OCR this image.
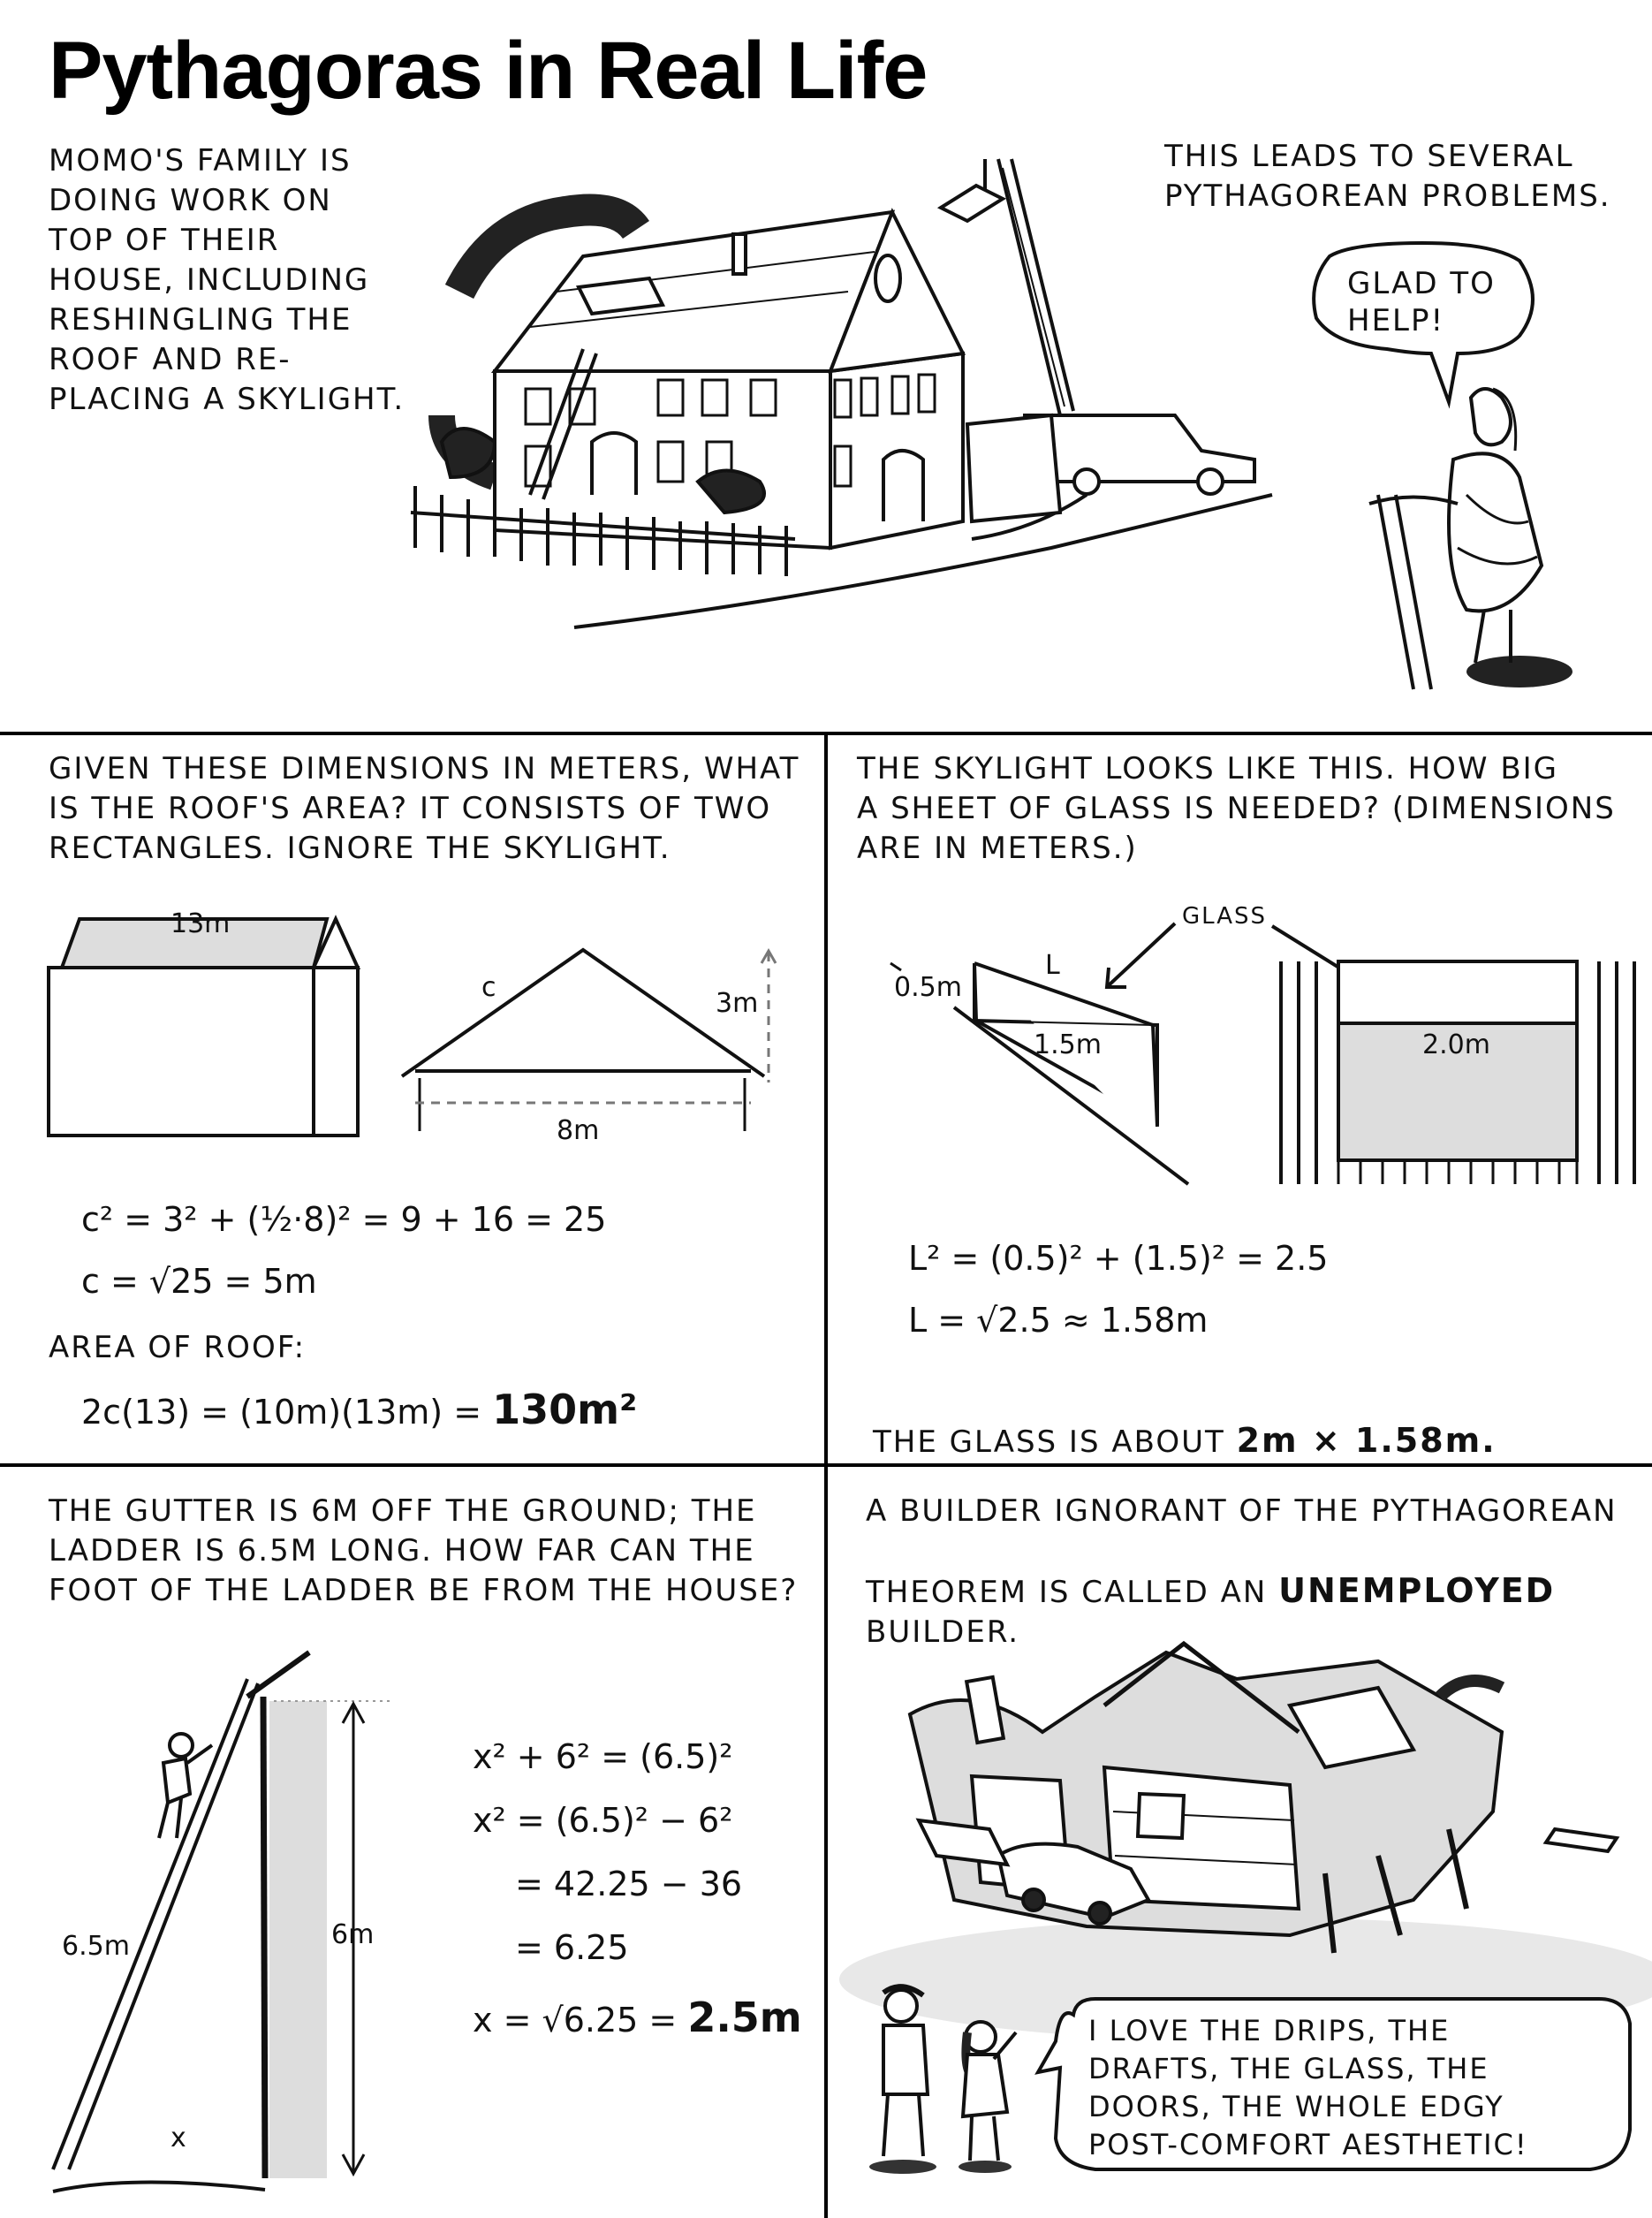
Pythagoras in Real Life
MOMO'S FAMILY IS
DOING WORK ON
TOP OF THEIR
HOUSE, INCLUDING
RESHINGLING THE
ROOF AND RE-
PLACING A SKYLIGHT.
THIS LEADS TO SEVERAL
PYTHAGOREAN PROBLEMS.
GLAD TO
HELP!
GIVEN THESE DIMENSIONS IN METERS, WHAT
IS THE ROOF'S AREA? IT CONSISTS OF TWO
RECTANGLES. IGNORE THE SKYLIGHT.
13m
c
3m
8m
c² = 3² + (½·8)² = 9 + 16 = 25
c = √25 = 5m
AREA OF ROOF:
2c(13) = (10m)(13m) = 130m²
THE SKYLIGHT LOOKS LIKE THIS. HOW BIG
A SHEET OF GLASS IS NEEDED? (DIMENSIONS
ARE IN METERS.)
GLASS
L
0.5m
1.5m	2.0m
L² = (0.5)² + (1.5)² = 2.5
L = √2.5 ≈ 1.58m

THE GLASS IS ABOUT 2m × 1.58m.

THE GUTTER IS 6M OFF THE GROUND; THE
LADDER IS 6.5M LONG. HOW FAR CAN THE
FOOT OF THE LADDER BE FROM THE HOUSE?
6.5m	6m
x
x² + 6² = (6.5)²
x² = (6.5)² − 6²
= 42.25 − 36
= 6.25
x = √6.25 = 2.5m
A BUILDER IGNORANT OF THE PYTHAGOREAN

THEOREM IS CALLED AN UNEMPLOYED BUILDER.

I LOVE THE DRIPS, THE
DRAFTS, THE GLASS, THE
DOORS, THE WHOLE EDGY
POST-COMFORT AESTHETIC!
